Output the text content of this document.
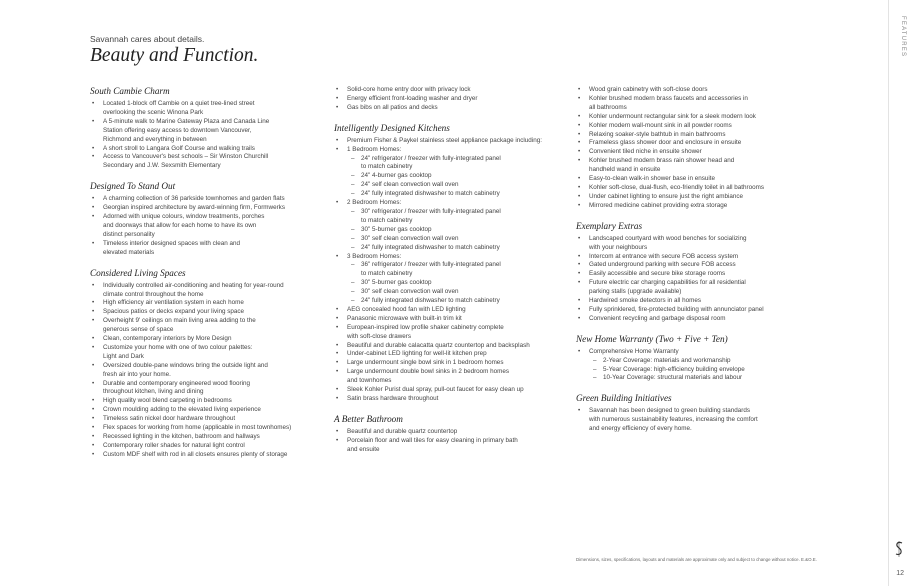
Savannah cares about details.
Beauty and Function.
South Cambie Charm
• Located 1-block off Cambie on a quiet tree-lined street
overlooking the scenic Winona Park
• A 5-minute walk to Marine Gateway Plaza and Canada Line
Station offering easy access to downtown Vancouver,
Richmond and everything in between
• A short stroll to Langara Golf Course and walking trails
• Access to Vancouver's best schools – Sir Winston Churchill
Secondary and J.W. Sexsmith Elementary
Designed To Stand Out
• A charming collection of 36 parkside townhomes and garden flats
• Georgian inspired architecture by award-winning firm, Formwerks
• Adorned with unique colours, window treatments, porches
and doorways that allow for each home to have its own
distinct personality
• Timeless interior designed spaces with clean and
elevated materials
Considered Living Spaces
• Individually controlled air-conditioning and heating for year-round
climate control throughout the home
• High efficiency air ventilation system in each home
• Spacious patios or decks expand your living space
• Overheight 9' ceilings on main living area adding to the
generous sense of space
• Clean, contemporary interiors by More Design
• Customize your home with one of two colour palettes:
Light and Dark
• Oversized double-pane windows bring the outside light and
fresh air into your home.
• Durable and contemporary engineered wood flooring
throughout kitchen, living and dining
• High quality wool blend carpeting in bedrooms
• Crown moulding adding to the elevated living experience
• Timeless satin nickel door hardware throughout
• Flex spaces for working from home (applicable in most townhomes)
• Recessed lighting in the kitchen, bathroom and hallways
• Contemporary roller shades for natural light control
• Custom MDF shelf with rod in all closets ensures plenty of storage
• Solid-core home entry door with privacy lock
• Energy efficient front-loading washer and dryer
• Gas bibs on all patios and decks
Intelligently Designed Kitchens
• Premium Fisher & Paykel stainless steel appliance package including:
• 1 Bedroom Homes:
– 24" refrigerator / freezer with fully-integrated panel
to match cabinetry
– 24" 4-burner gas cooktop
– 24" self clean convection wall oven
– 24" fully integrated dishwasher to match cabinetry
• 2 Bedroom Homes:
– 30" refrigerator / freezer with fully-integrated panel
to match cabinetry
– 30" 5-burner gas cooktop
– 30" self clean convection wall oven
– 24" fully integrated dishwasher to match cabinetry
• 3 Bedroom Homes:
– 36" refrigerator / freezer with fully-integrated panel
to match cabinetry
– 30" 5-burner gas cooktop
– 30" self clean convection wall oven
– 24" fully integrated dishwasher to match cabinetry
• AEG concealed hood fan with LED lighting
• Panasonic microwave with built-in trim kit
• European-inspired low profile shaker cabinetry complete
with soft-close drawers
• Beautiful and durable calacatta quartz countertop and backsplash
• Under-cabinet LED lighting for well-lit kitchen prep
• Large undermount single bowl sink in 1 bedroom homes
• Large undermount double bowl sinks in 2 bedroom homes
and townhomes
• Sleek Kohler Purist dual spray, pull-out faucet for easy clean up
• Satin brass hardware throughout
A Better Bathroom
• Beautiful and durable quartz countertop
• Porcelain floor and wall tiles for easy cleaning in primary bath
and ensuite
• Wood grain cabinetry with soft-close doors
• Kohler brushed modern brass faucets and accessories in
all bathrooms
• Kohler undermount rectangular sink for a sleek modern look
• Kohler modern wall-mount sink in all powder rooms
• Relaxing soaker-style bathtub in main bathrooms
• Frameless glass shower door and enclosure in ensuite
• Convenient tiled niche in ensuite shower
• Kohler brushed modern brass rain shower head and
handheld wand in ensuite
• Easy-to-clean walk-in shower base in ensuite
• Kohler soft-close, dual-flush, eco-friendly toilet in all bathrooms
• Under cabinet lighting to ensure just the right ambiance
• Mirrored medicine cabinet providing extra storage
Exemplary Extras
• Landscaped courtyard with wood benches for socializing
with your neighbours
• Intercom at entrance with secure FOB access system
• Gated underground parking with secure FOB access
• Easily accessible and secure bike storage rooms
• Future electric car charging capabilities for all residential
parking stalls (upgrade available)
• Hardwired smoke detectors in all homes
• Fully sprinklered, fire-protected building with annunciator panel
• Convenient recycling and garbage disposal room
New Home Warranty (Two + Five + Ten)
• Comprehensive Home Warranty
– 2-Year Coverage: materials and workmanship
– 5-Year Coverage: high-efficiency building envelope
– 10-Year Coverage: structural materials and labour
Green Building Initiatives
• Savannah has been designed to green building standards
with numerous sustainability features, increasing the comfort
and energy efficiency of every home.
Dimensions, sizes, specifications, layouts and materials are approximate only and subject to change without notice. E.&O.E.
FEATURES
12
